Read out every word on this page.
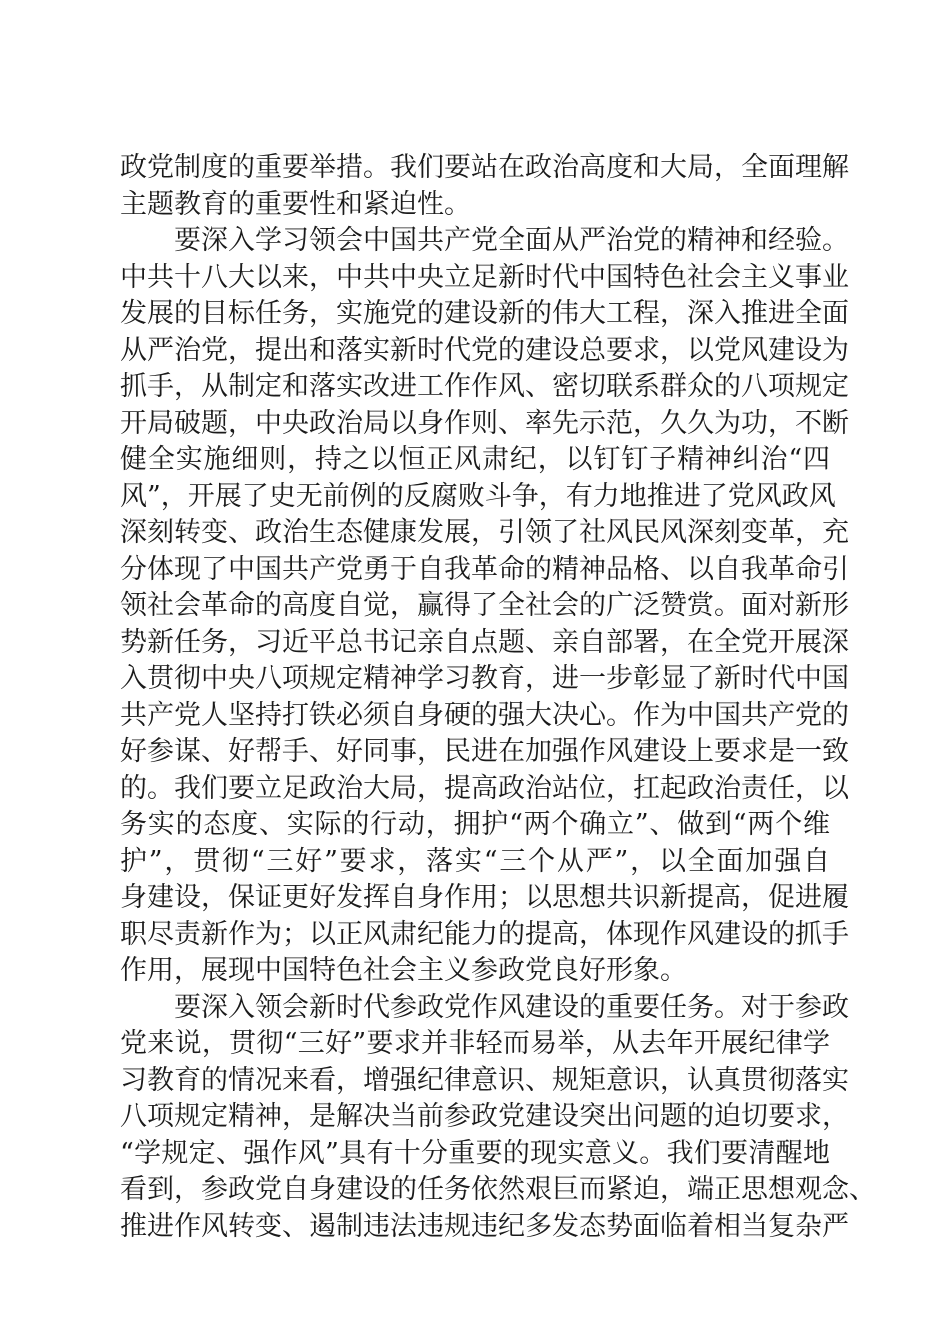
政党制度的重要举措。我们要站在政治高度和大局，全面理解
主题教育的重要性和紧迫性。
要深入学习领会中国共产党全面从严治党的精神和经验。
中共十八大以来，中共中央立足新时代中国特色社会主义事业
发展的目标任务，实施党的建设新的伟大工程，深入推进全面
从严治党，提出和落实新时代党的建设总要求，以党风建设为
抓手，从制定和落实改进工作作风、密切联系群众的八项规定
开局破题，中央政治局以身作则、率先示范，久久为功，不断
健全实施细则，持之以恒正风肃纪，以钉钉子精神纠治“四
风”，开展了史无前例的反腐败斗争，有力地推进了党风政风
深刻转变、政治生态健康发展，引领了社风民风深刻变革，充
分体现了中国共产党勇于自我革命的精神品格、以自我革命引
领社会革命的高度自觉，赢得了全社会的广泛赞赏。面对新形
势新任务，习近平总书记亲自点题、亲自部署，在全党开展深
入贯彻中央八项规定精神学习教育，进一步彰显了新时代中国
共产党人坚持打铁必须自身硬的强大决心。作为中国共产党的
好参谋、好帮手、好同事，民进在加强作风建设上要求是一致
的。我们要立足政治大局，提高政治站位，扛起政治责任，以
务实的态度、实际的行动，拥护“两个确立”、做到“两个维
护”，贯彻“三好”要求，落实“三个从严”，以全面加强自
身建设，保证更好发挥自身作用；以思想共识新提高，促进履
职尽责新作为；以正风肃纪能力的提高，体现作风建设的抓手
作用，展现中国特色社会主义参政党良好形象。
要深入领会新时代参政党作风建设的重要任务。对于参政
党来说，贯彻“三好”要求并非轻而易举，从去年开展纪律学
习教育的情况来看，增强纪律意识、规矩意识，认真贯彻落实
八项规定精神，是解决当前参政党建设突出问题的迫切要求，
“学规定、强作风”具有十分重要的现实意义。我们要清醒地
看到，参政党自身建设的任务依然艰巨而紧迫，端正思想观念、
推进作风转变、遏制违法违规违纪多发态势面临着相当复杂严
